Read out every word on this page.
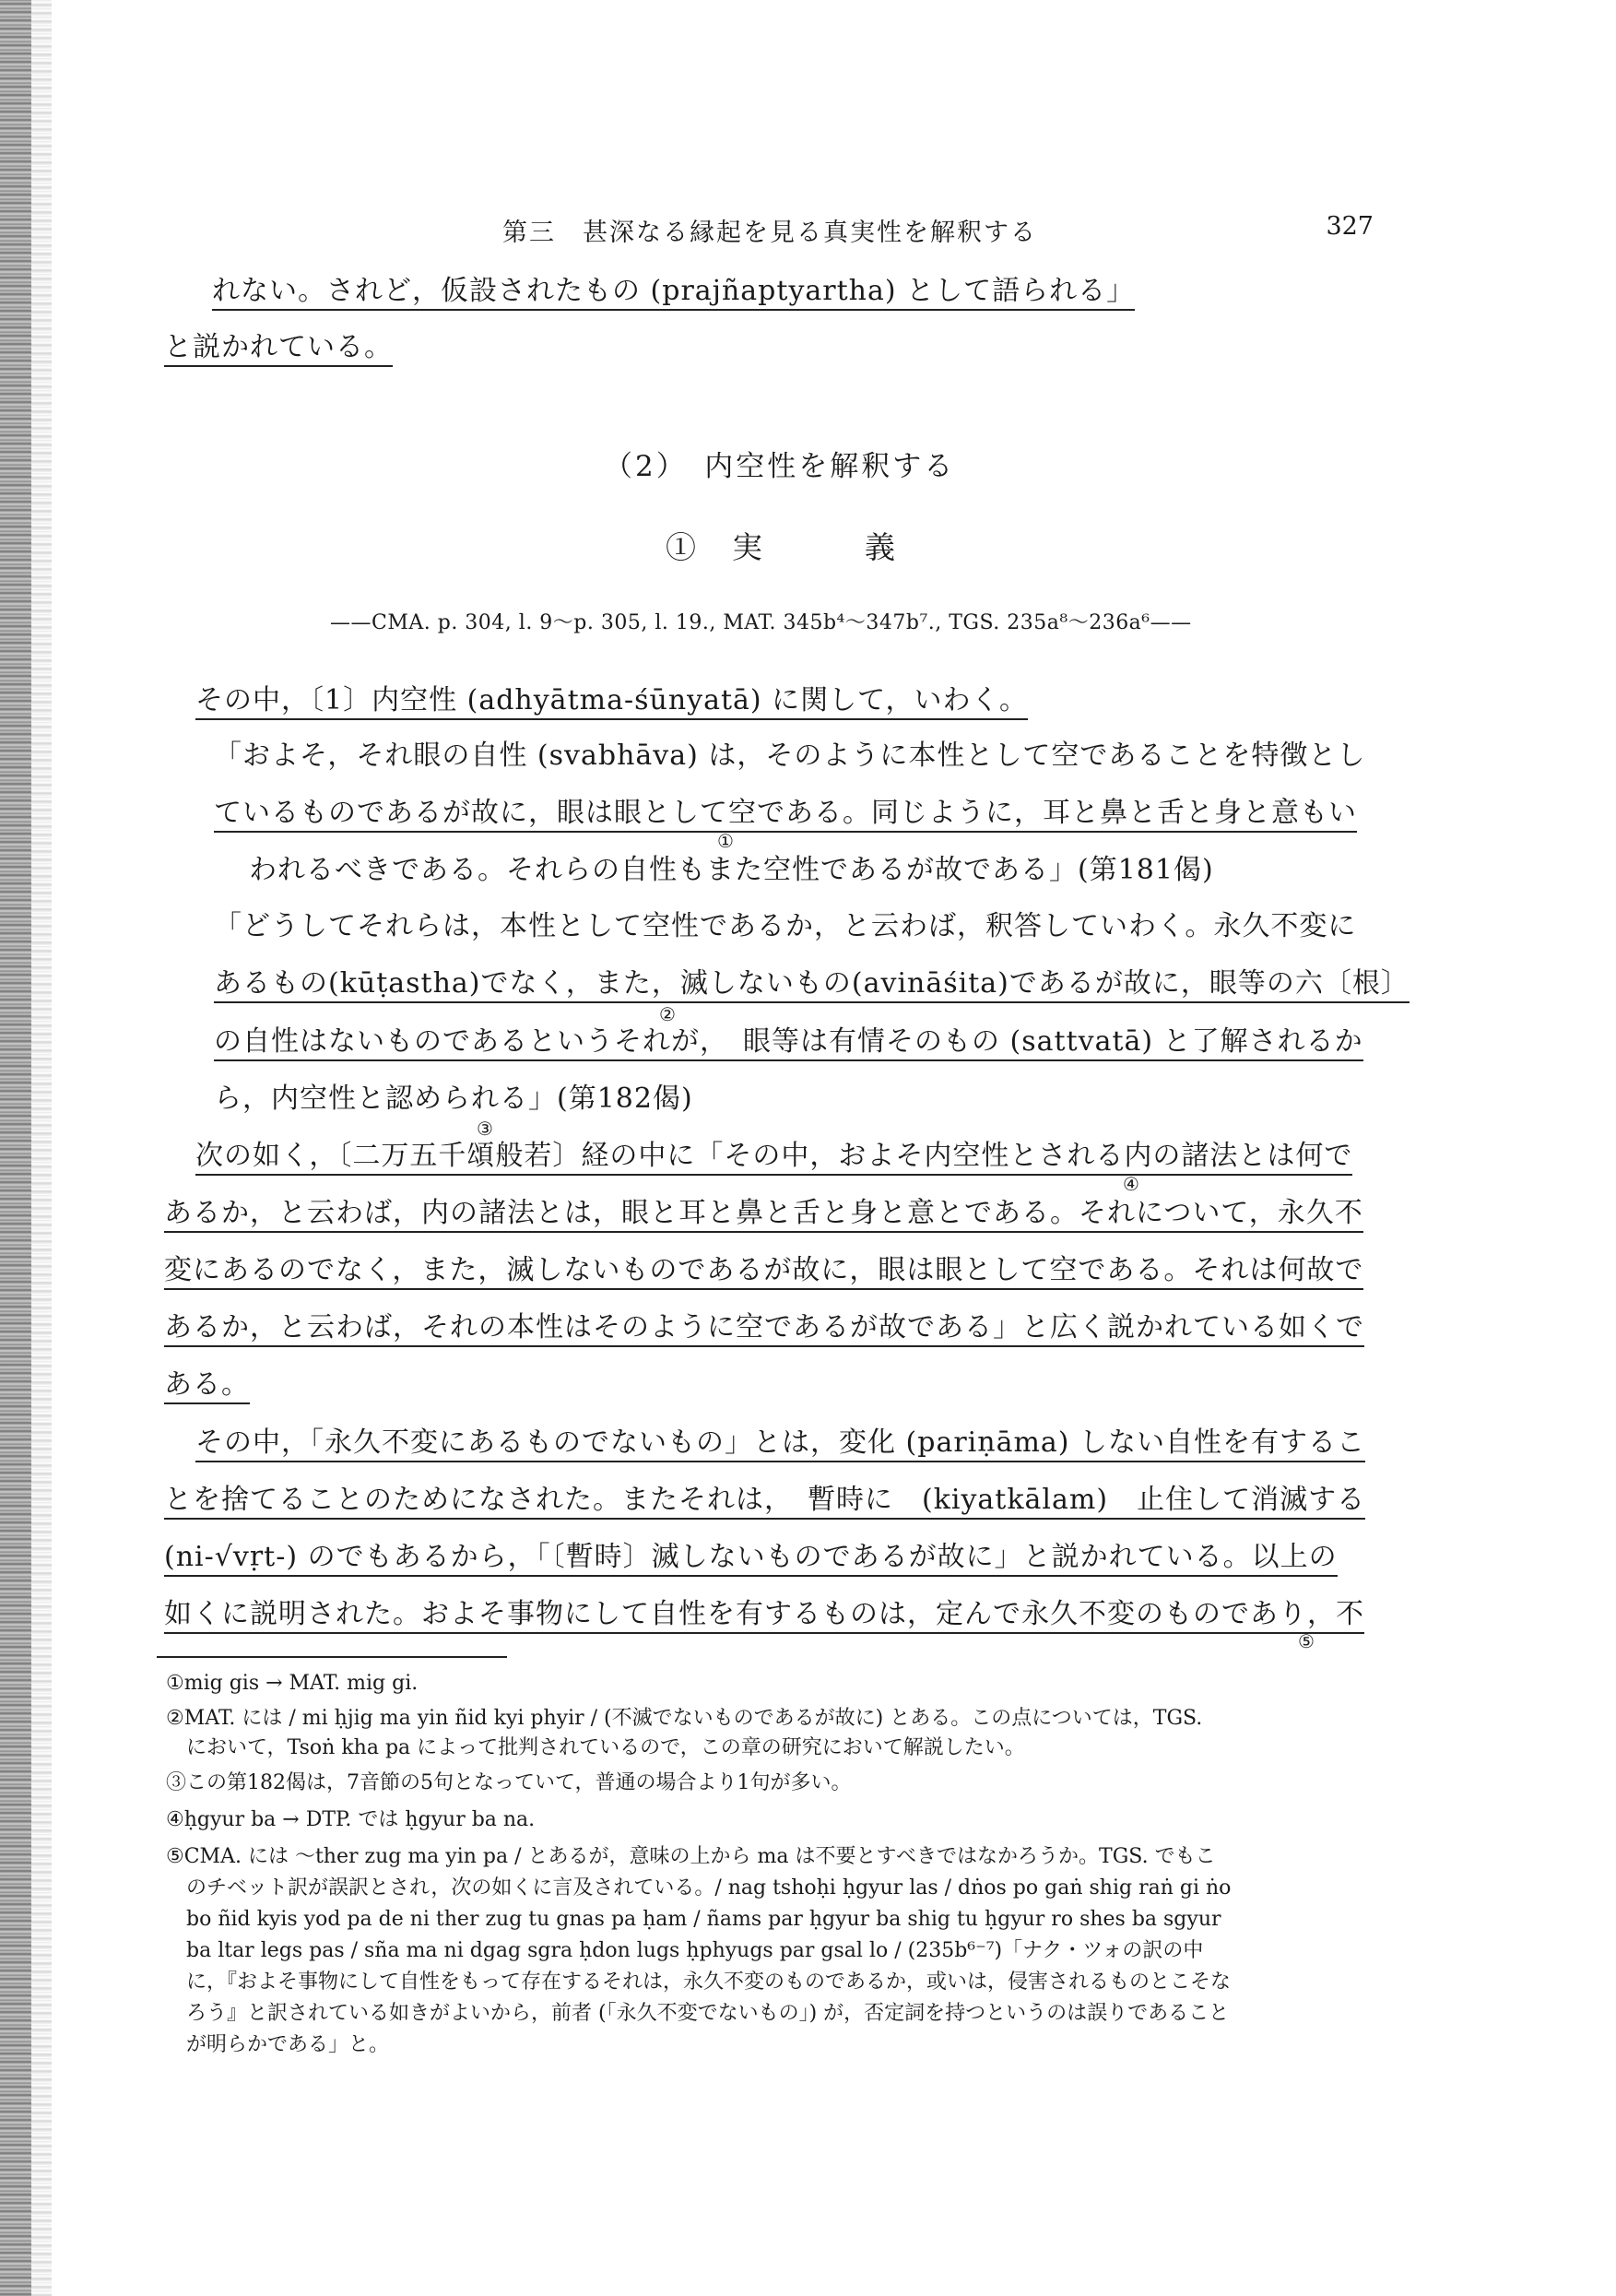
第三　甚深なる縁起を見る真実性を解釈する	327
れない。されど，仮設されたもの (prajñaptyartha) として語られる」
と説かれている。
（2）　内空性を解釈する
①　実　　　義
——CMA. p. 304, l. 9～p. 305, l. 19., MAT. 345b⁴～347b⁷., TGS. 235a⁸～236a⁶——
その中，〔1〕内空性 (adhyātma-śūnyatā) に関して，いわく。
「およそ，それ眼の自性 (svabhāva) は，そのように本性として空であることを特徴とし
ているものであるが故に，眼は眼として空である。同じように，耳と鼻と舌と身と意もい
われるべきである。それらの自性もまた空性であるが故である」(第181偈)
「どうしてそれらは，本性として空性であるか，と云わば，釈答していわく。永久不変に
あるもの(kūṭastha)でなく，また，滅しないもの(avināśita)であるが故に，眼等の六〔根〕
の自性はないものであるというそれが，　眼等は有情そのもの (sattvatā) と了解されるか
ら，内空性と認められる」(第182偈)
次の如く，〔二万五千頌般若〕経の中に「その中，およそ内空性とされる内の諸法とは何で
あるか，と云わば，内の諸法とは，眼と耳と鼻と舌と身と意とである。それについて，永久不
変にあるのでなく，また，滅しないものであるが故に，眼は眼として空である。それは何故で
あるか，と云わば，それの本性はそのように空であるが故である」と広く説かれている如くで
ある。
その中，「永久不変にあるものでないもの」とは，変化 (pariṇāma) しない自性を有するこ
とを捨てることのためになされた。またそれは，　暫時に　(kiyatkālam)　止住して消滅する
(ni-√vṛt-) のでもあるから，「〔暫時〕滅しないものであるが故に」と説かれている。以上の
如くに説明された。およそ事物にして自性を有するものは，定んで永久不変のものであり，不
①
②
③
④
⑤
①mig gis → MAT. mig gi.
②MAT. には / mi ḥjig ma yin ñid kyi phyir / (不滅でないものであるが故に) とある。この点については，TGS.
において，Tsoṅ kha pa によって批判されているので，この章の研究において解説したい。
③この第182偈は，7音節の5句となっていて，普通の場合より1句が多い。
④ḥgyur ba → DTP. では ḥgyur ba na.
⑤CMA. には ～ther zug ma yin pa / とあるが，意味の上から ma は不要とすべきではなかろうか。TGS. でもこ
のチベット訳が誤訳とされ，次の如くに言及されている。/ nag tshoḥi ḥgyur las / dṅos po gaṅ shig raṅ gi ṅo
bo ñid kyis yod pa de ni ther zug tu gnas pa ḥam / ñams par ḥgyur ba shig tu ḥgyur ro shes ba sgyur
ba ltar legs pas / sña ma ni dgag sgra ḥdon lugs ḥphyugs par gsal lo / (235b⁶⁻⁷)「ナク・ツォの訳の中
に，『およそ事物にして自性をもって存在するそれは，永久不変のものであるか，或いは，侵害されるものとこそな
ろう』と訳されている如きがよいから，前者 (「永久不変でないもの」) が，否定詞を持つというのは誤りであること
が明らかである」と。
